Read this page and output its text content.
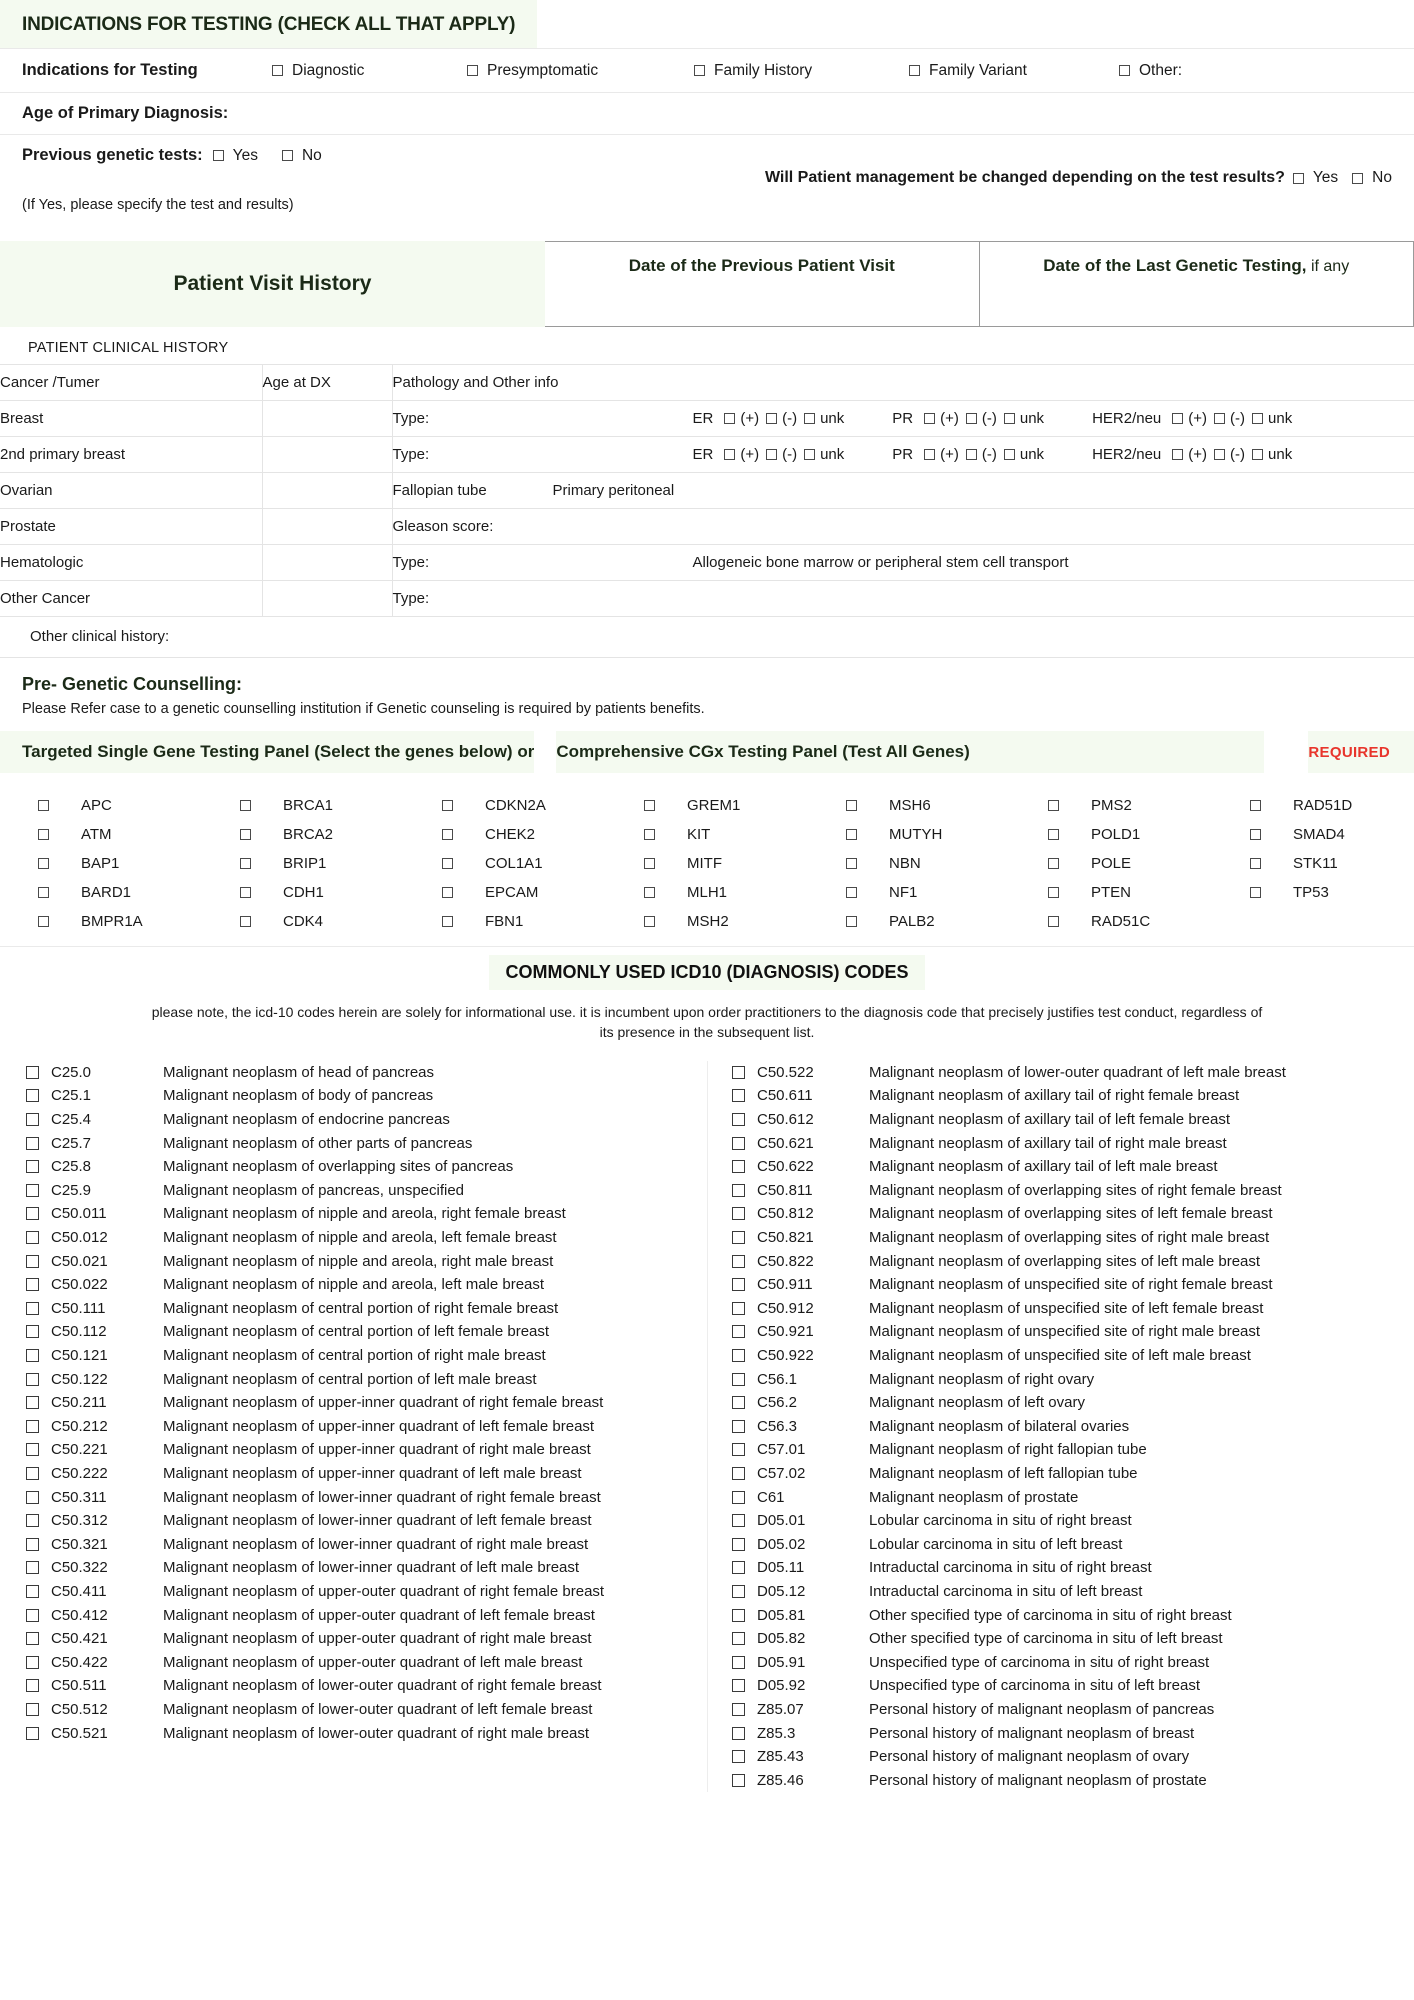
INDICATIONS FOR TESTING (CHECK ALL THAT APPLY)
Indications for Testing	Diagnostic	Presymptomatic	Family History	Family Variant	Other:
Age of Primary Diagnosis:
Previous genetic tests: Yes	No
Will Patient management be changed depending on the test results? Yes No
(If Yes, please specify the test and results)
Patient Visit History
Date of the Previous Patient Visit	Date of the Last Genetic Testing, if any
PATIENT CLINICAL HISTORY
Cancer /Tumer	Age at DX	Pathology and Other info
Breast		Type:	ER (+) (-) unk	PR (+) (-) unk	HER2/neu (+) (-) unk

2nd primary breast		Type:	ER (+) (-) unk	PR (+) (-) unk	HER2/neu (+) (-) unk

Ovarian		Fallopian tube Primary peritoneal

Prostate		Gleason score:
Hematologic		Type: Allogeneic bone marrow or peripheral stem cell transport

Other Cancer		Type:
Other clinical history:
Pre- Genetic Counselling:
Please Refer case to a genetic counselling institution if Genetic counseling is required by patients benefits.
Targeted Single Gene Testing Panel (Select the genes below) or Comprehensive CGx Testing Panel (Test All Genes)	REQUIRED
APC	BRCA1	CDKN2A	GREM1	MSH6	PMS2	RAD51D
ATM	BRCA2	CHEK2	KIT	MUTYH	POLD1	SMAD4
BAP1	BRIP1	COL1A1	MITF	NBN	POLE	STK11
BARD1	CDH1	EPCAM	MLH1	NF1	PTEN	TP53
BMPR1A	CDK4	FBN1	MSH2	PALB2	RAD51C
COMMONLY USED ICD10 (DIAGNOSIS) CODES
please note, the icd-10 codes herein are solely for informational use. it is incumbent upon order practitioners to the diagnosis code that precisely justifies test conduct, regardless of its presence in the subsequent list.
C25.0	Malignant neoplasm of head of pancreas
C25.1	Malignant neoplasm of body of pancreas
C25.4	Malignant neoplasm of endocrine pancreas
C25.7	Malignant neoplasm of other parts of pancreas
C25.8	Malignant neoplasm of overlapping sites of pancreas
C25.9	Malignant neoplasm of pancreas, unspecified
C50.011	Malignant neoplasm of nipple and areola, right female breast
C50.012	Malignant neoplasm of nipple and areola, left female breast
C50.021	Malignant neoplasm of nipple and areola, right male breast
C50.022	Malignant neoplasm of nipple and areola, left male breast
C50.111	Malignant neoplasm of central portion of right female breast
C50.112	Malignant neoplasm of central portion of left female breast
C50.121	Malignant neoplasm of central portion of right male breast
C50.122	Malignant neoplasm of central portion of left male breast
C50.211	Malignant neoplasm of upper-inner quadrant of right female breast
C50.212	Malignant neoplasm of upper-inner quadrant of left female breast
C50.221	Malignant neoplasm of upper-inner quadrant of right male breast
C50.222	Malignant neoplasm of upper-inner quadrant of left male breast
C50.311	Malignant neoplasm of lower-inner quadrant of right female breast
C50.312	Malignant neoplasm of lower-inner quadrant of left female breast
C50.321	Malignant neoplasm of lower-inner quadrant of right male breast
C50.322	Malignant neoplasm of lower-inner quadrant of left male breast
C50.411	Malignant neoplasm of upper-outer quadrant of right female breast
C50.412	Malignant neoplasm of upper-outer quadrant of left female breast
C50.421	Malignant neoplasm of upper-outer quadrant of right male breast
C50.422	Malignant neoplasm of upper-outer quadrant of left male breast
C50.511	Malignant neoplasm of lower-outer quadrant of right female breast
C50.512	Malignant neoplasm of lower-outer quadrant of left female breast
C50.521	Malignant neoplasm of lower-outer quadrant of right male breast
C50.522	Malignant neoplasm of lower-outer quadrant of left male breast
C50.611	Malignant neoplasm of axillary tail of right female breast
C50.612	Malignant neoplasm of axillary tail of left female breast
C50.621	Malignant neoplasm of axillary tail of right male breast
C50.622	Malignant neoplasm of axillary tail of left male breast
C50.811	Malignant neoplasm of overlapping sites of right female breast
C50.812	Malignant neoplasm of overlapping sites of left female breast
C50.821	Malignant neoplasm of overlapping sites of right male breast
C50.822	Malignant neoplasm of overlapping sites of left male breast
C50.911	Malignant neoplasm of unspecified site of right female breast
C50.912	Malignant neoplasm of unspecified site of left female breast
C50.921	Malignant neoplasm of unspecified site of right male breast
C50.922	Malignant neoplasm of unspecified site of left male breast
C56.1	Malignant neoplasm of right ovary
C56.2	Malignant neoplasm of left ovary
C56.3	Malignant neoplasm of bilateral ovaries
C57.01	Malignant neoplasm of right fallopian tube
C57.02	Malignant neoplasm of left fallopian tube
C61	Malignant neoplasm of prostate
D05.01	Lobular carcinoma in situ of right breast
D05.02	Lobular carcinoma in situ of left breast
D05.11	Intraductal carcinoma in situ of right breast
D05.12	Intraductal carcinoma in situ of left breast
D05.81	Other specified type of carcinoma in situ of right breast
D05.82	Other specified type of carcinoma in situ of left breast
D05.91	Unspecified type of carcinoma in situ of right breast
D05.92	Unspecified type of carcinoma in situ of left breast
Z85.07	Personal history of malignant neoplasm of pancreas
Z85.3	Personal history of malignant neoplasm of breast
Z85.43	Personal history of malignant neoplasm of ovary
Z85.46	Personal history of malignant neoplasm of prostate
